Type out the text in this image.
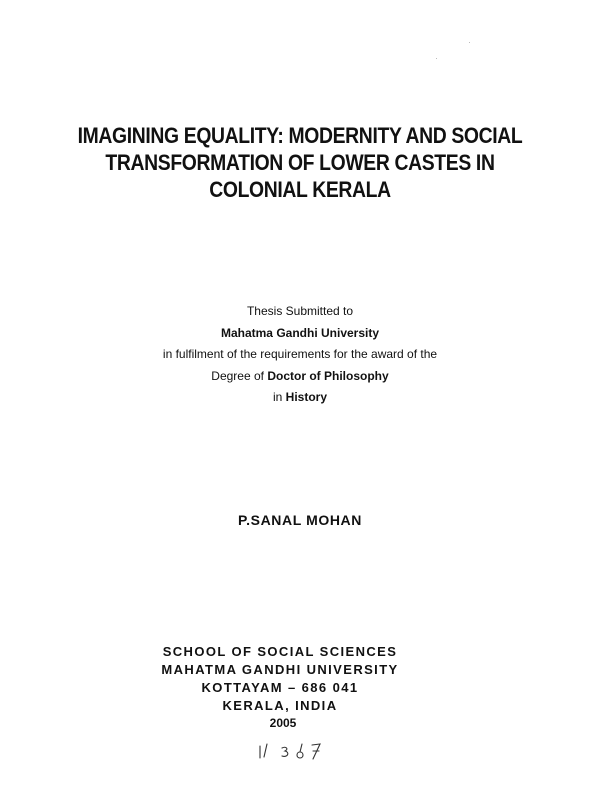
IMAGINING EQUALITY: MODERNITY AND SOCIAL
TRANSFORMATION OF LOWER CASTES IN
COLONIAL KERALA
Thesis Submitted to
Mahatma Gandhi University
in fulfilment of the requirements for the award of the
Degree of Doctor of Philosophy
in History
P.SANAL MOHAN
SCHOOL OF SOCIAL SCIENCES
MAHATMA GANDHI UNIVERSITY
KOTTAYAM – 686 041
KERALA, INDIA
2005
